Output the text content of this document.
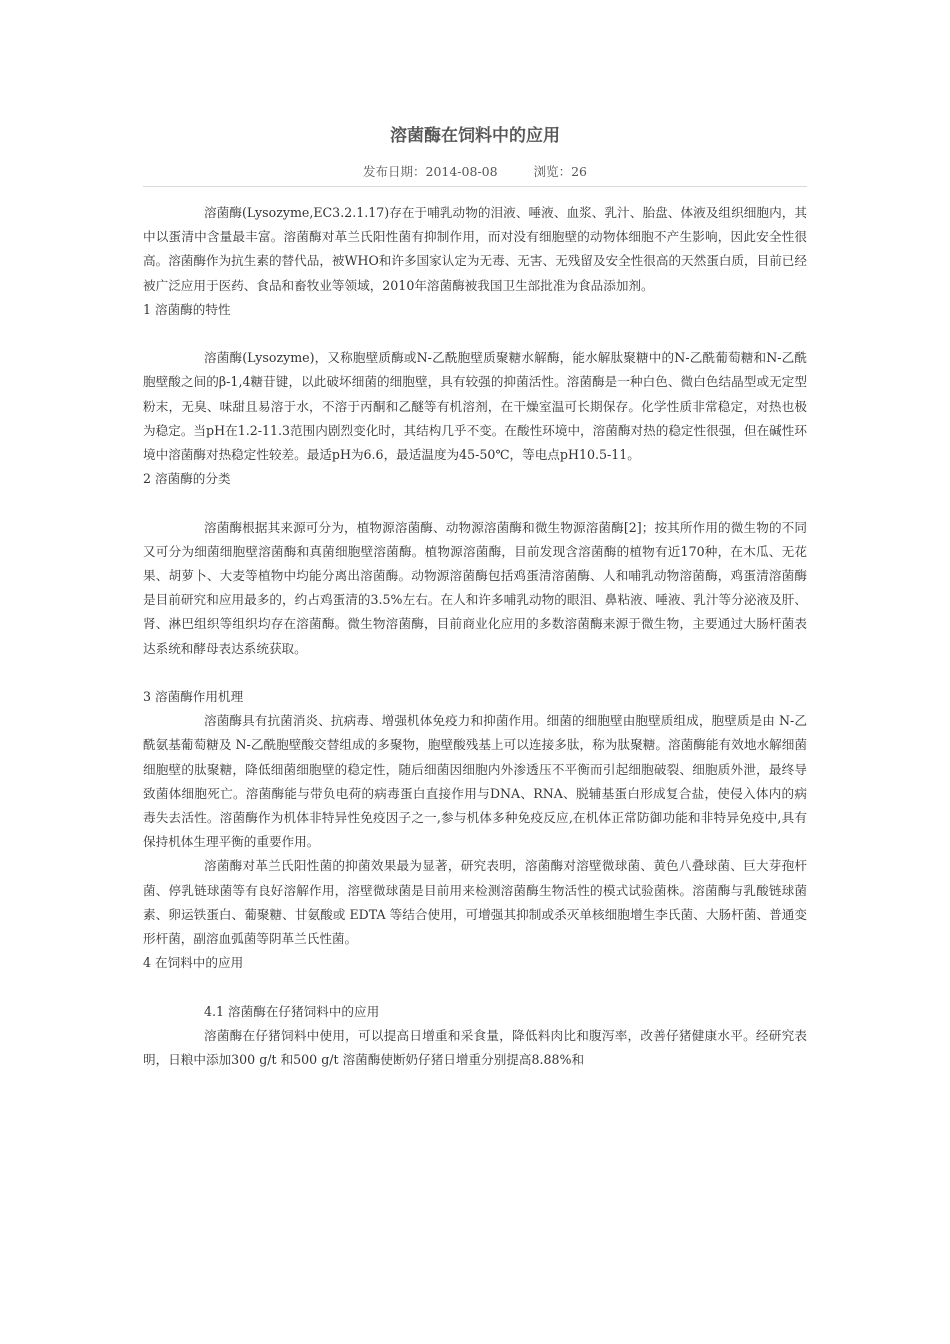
溶菌酶在饲料中的应用
发布日期：2014-08-08	浏览：26

溶菌酶(Lysozyme,EC3.2.1.17)存在于哺乳动物的泪液、唾液、血浆、乳汁、胎盘、体液及组织细胞内，其中以蛋清中含量最丰富。溶菌酶对革兰氏阳性菌有抑制作用，而对没有细胞壁的动物体细胞不产生影响，因此安全性很高。溶菌酶作为抗生素的替代品，被WHO和许多国家认定为无毒、无害、无残留及安全性很高的天然蛋白质，目前已经被广泛应用于医药、食品和畜牧业等领域，2010年溶菌酶被我国卫生部批准为食品添加剂。

1 溶菌酶的特性

溶菌酶(Lysozyme)，又称胞壁质酶或N-乙酰胞壁质聚糖水解酶，能水解肽聚糖中的N-乙酰葡萄糖和N-乙酰胞壁酸之间的β-1,4糖苷键，以此破坏细菌的细胞壁，具有较强的抑菌活性。溶菌酶是一种白色、微白色结晶型或无定型粉末，无臭、味甜且易溶于水，不溶于丙酮和乙醚等有机溶剂，在干燥室温可长期保存。化学性质非常稳定，对热也极为稳定。当pH在1.2-11.3范围内剧烈变化时，其结构几乎不变。在酸性环境中，溶菌酶对热的稳定性很强，但在碱性环境中溶菌酶对热稳定性较差。最适pH为6.6，最适温度为45-50℃，等电点pH10.5-11。

2 溶菌酶的分类

溶菌酶根据其来源可分为，植物源溶菌酶、动物源溶菌酶和微生物源溶菌酶[2]；按其所作用的微生物的不同又可分为细菌细胞壁溶菌酶和真菌细胞壁溶菌酶。植物源溶菌酶，目前发现含溶菌酶的植物有近170种，在木瓜、无花果、胡萝卜、大麦等植物中均能分离出溶菌酶。动物源溶菌酶包括鸡蛋清溶菌酶、人和哺乳动物溶菌酶，鸡蛋清溶菌酶是目前研究和应用最多的，约占鸡蛋清的3.5%左右。在人和许多哺乳动物的眼泪、鼻粘液、唾液、乳汁等分泌液及肝、肾、淋巴组织等组织均存在溶菌酶。微生物溶菌酶，目前商业化应用的多数溶菌酶来源于微生物，主要通过大肠杆菌表达系统和酵母表达系统获取。

3 溶菌酶作用机理

溶菌酶具有抗菌消炎、抗病毒、增强机体免疫力和抑菌作用。细菌的细胞壁由胞壁质组成，胞壁质是由 N-乙酰氨基葡萄糖及 N-乙酰胞壁酸交替组成的多聚物，胞壁酸残基上可以连接多肽，称为肽聚糖。溶菌酶能有效地水解细菌细胞壁的肽聚糖，降低细菌细胞壁的稳定性，随后细菌因细胞内外渗透压不平衡而引起细胞破裂、细胞质外泄，最终导致菌体细胞死亡。溶菌酶能与带负电荷的病毒蛋白直接作用与DNA、RNA、脱辅基蛋白形成复合盐，使侵入体内的病毒失去活性。溶菌酶作为机体非特异性免疫因子之一,参与机体多种免疫反应,在机体正常防御功能和非特异免疫中,具有保持机体生理平衡的重要作用。

溶菌酶对革兰氏阳性菌的抑菌效果最为显著，研究表明，溶菌酶对溶壁微球菌、黄色八叠球菌、巨大芽孢杆菌、停乳链球菌等有良好溶解作用，溶壁微球菌是目前用来检测溶菌酶生物活性的模式试验菌株。溶菌酶与乳酸链球菌素、卵运铁蛋白、葡聚糖、甘氨酸或 EDTA 等结合使用，可增强其抑制或杀灭单核细胞增生李氏菌、大肠杆菌、普通变形杆菌，副溶血弧菌等阴革兰氏性菌。

4 在饲料中的应用
4.1 溶菌酶在仔猪饲料中的应用

溶菌酶在仔猪饲料中使用，可以提高日增重和采食量，降低料肉比和腹泻率，改善仔猪健康水平。经研究表明，日粮中添加300 g/t 和500 g/t 溶菌酶使断奶仔猪日增重分别提高8.88%和
